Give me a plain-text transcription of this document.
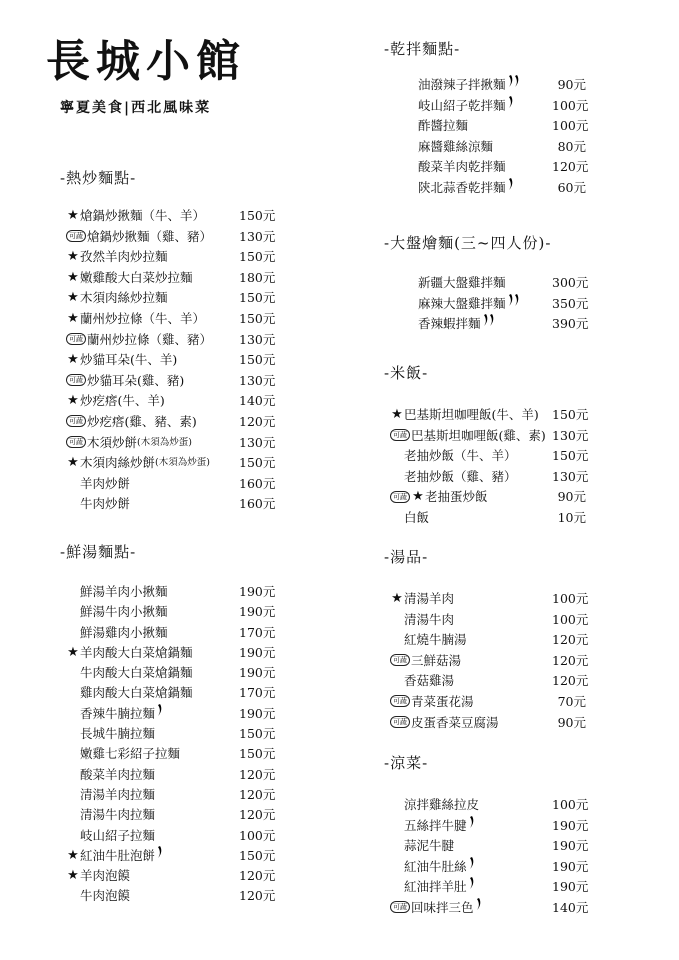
長城小館
寧夏美食|西北風味菜
-熱炒麵點-
★ 熗鍋炒揪麵（牛、羊）	150元
可蔬 熗鍋炒揪麵（雞、豬） 130元
★ 孜然羊肉炒拉麵	150元
★ 嫩雞酸大白菜炒拉麵	180元
★ 木須肉絲炒拉麵	150元
★ 蘭州炒拉條（牛、羊）	150元
可蔬 蘭州炒拉條（雞、豬） 130元
★ 炒貓耳朵(牛、羊)	150元
可蔬 炒貓耳朵(雞、豬)	130元
★ 炒疙瘩(牛、羊)	140元
可蔬 炒疙瘩(雞、豬、素)	120元
可蔬 木須炒餅 (木須為炒蛋)	130元
★ 木須肉絲炒餅 (木須為炒蛋) 150元
羊肉炒餅	160元
牛肉炒餅	160元
-鮮湯麵點-
鮮湯羊肉小揪麵	190元
鮮湯牛肉小揪麵	190元
鮮湯雞肉小揪麵	170元
★ 羊肉酸大白菜熗鍋麵	190元
牛肉酸大白菜熗鍋麵	190元
雞肉酸大白菜熗鍋麵	170元
香辣牛腩拉麵	190元
長城牛腩拉麵	150元
嫩雞七彩紹子拉麵	150元
酸菜羊肉拉麵	120元
清湯羊肉拉麵	120元
清湯牛肉拉麵	120元
岐山紹子拉麵	100元
★ 紅油牛肚泡餅	150元
★ 羊肉泡饃	120元
牛肉泡饃	120元
-乾拌麵點-
油潑辣子拌揪麵	90元
岐山紹子乾拌麵	100元
酢醬拉麵	100元
麻醬雞絲涼麵	80元
酸菜羊肉乾拌麵	120元
陝北蒜香乾拌麵	60元
-大盤燴麵(三~四人份)-
新疆大盤雞拌麵	300元
麻辣大盤雞拌麵	350元
香辣蝦拌麵	390元
-米飯-
★ 巴基斯坦咖哩飯(牛、羊) 150元
可蔬 巴基斯坦咖哩飯(雞、素) 130元
老抽炒飯（牛、羊）	150元
老抽炒飯（雞、豬）	130元
可蔬 ★ 老抽蛋炒飯	90元
白飯	10元
-湯品-
★ 清湯羊肉	100元
清湯牛肉	100元
紅燒牛腩湯	120元
可蔬 三鮮菇湯	120元
香菇雞湯	120元
可蔬 青菜蛋花湯	70元
可蔬 皮蛋香菜豆腐湯	90元
-涼菜-
涼拌雞絲拉皮	100元
五絲拌牛腱	190元
蒜泥牛腱	190元
紅油牛肚絲	190元
紅油拌羊肚	190元
可蔬 回味拌三色	140元
